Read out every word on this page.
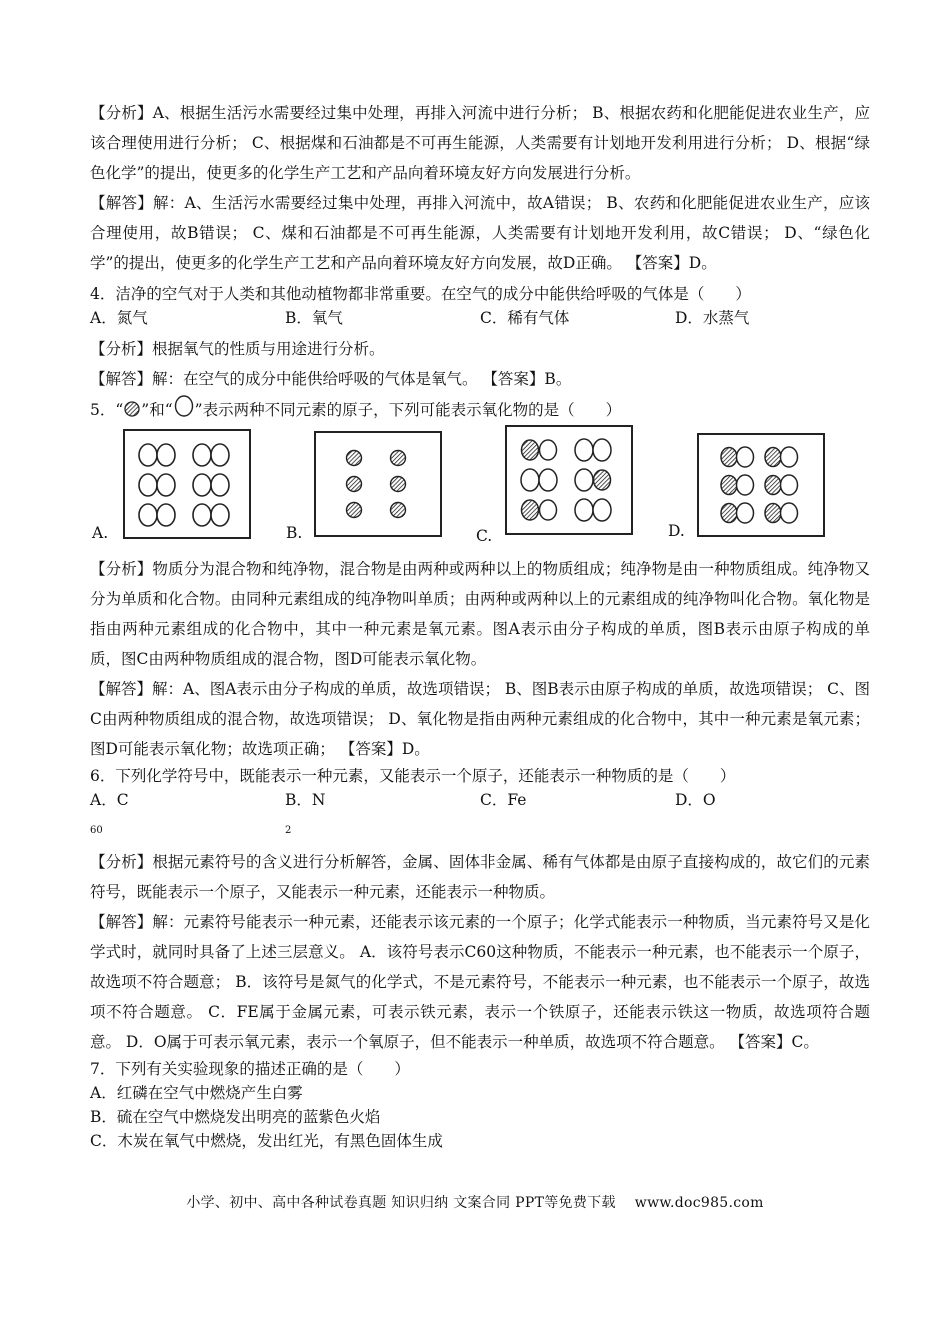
【分析】A、根据生活污水需要经过集中处理，再排入河流中进行分析； B、根据农药和化肥能促进农业生产，应该合理使用进行分析； C、根据煤和石油都是不可再生能源，人类需要有计划地开发利用进行分析； D、根据“绿色化学”的提出，使更多的化学生产工艺和产品向着环境友好方向发展进行分析。

【解答】解：A、生活污水需要经过集中处理，再排入河流中，故A错误； B、农药和化肥能促进农业生产，应该合理使用，故B错误； C、煤和石油都是不可再生能源，人类需要有计划地开发利用，故C错误； D、“绿色化学”的提出，使更多的化学生产工艺和产品向着环境友好方向发展，故D正确。 【答案】D。

4．洁净的空气对于人类和其他动植物都非常重要。在空气的成分中能供给呼吸的气体是（　　）

A．氮气	B．氧气	C．稀有气体	D．水蒸气

【分析】根据氧气的性质与用途进行分析。

【解答】解：在空气的成分中能供给呼吸的气体是氧气。 【答案】B。

5．“ ”和“ ”表示两种不同元素的原子，下列可能表示氧化物的是（　　）

A.	B.	C.	D.

【分析】物质分为混合物和纯净物，混合物是由两种或两种以上的物质组成；纯净物是由一种物质组成。纯净物又分为单质和化合物。由同种元素组成的纯净物叫单质；由两种或两种以上的元素组成的纯净物叫化合物。氧化物是指由两种元素组成的化合物中，其中一种元素是氧元素。图A表示由分子构成的单质，图B表示由原子构成的单质，图C由两种物质组成的混合物，图D可能表示氧化物。

【解答】解：A、图A表示由分子构成的单质，故选项错误； B、图B表示由原子构成的单质，故选项错误； C、图C由两种物质组成的混合物，故选项错误； D、氧化物是指由两种元素组成的化合物中，其中一种元素是氧元素；图D可能表示氧化物；故选项正确； 【答案】D。

6．下列化学符号中，既能表示一种元素，又能表示一个原子，还能表示一种物质的是（　　）

A．$C_{60}$
B．$N_2$
C．Fe	D．O

【分析】根据元素符号的含义进行分析解答，金属、固体非金属、稀有气体都是由原子直接构成的，故它们的元素符号，既能表示一个原子，又能表示一种元素，还能表示一种物质。

【解答】解：元素符号能表示一种元素，还能表示该元素的一个原子；化学式能表示一种物质，当元素符号又是化学式时，就同时具备了上述三层意义。 A．该符号表示C60这种物质，不能表示一种元素，也不能表示一个原子，故选项不符合题意； B．该符号是氮气的化学式，不是元素符号，不能表示一种元素，也不能表示一个原子，故选项不符合题意。 C．FE属于金属元素，可表示铁元素，表示一个铁原子，还能表示铁这一物质，故选项符合题意。 D．O属于可表示氧元素，表示一个氧原子，但不能表示一种单质，故选项不符合题意。 【答案】C。

7．下列有关实验现象的描述正确的是（　　）

A．红磷在空气中燃烧产生白雾

B．硫在空气中燃烧发出明亮的蓝紫色火焰

C．木炭在氧气中燃烧，发出红光，有黑色固体生成

小学、初中、高中各种试卷真题 知识归纳 文案合同 PPT等免费下载　 www.doc985.com
